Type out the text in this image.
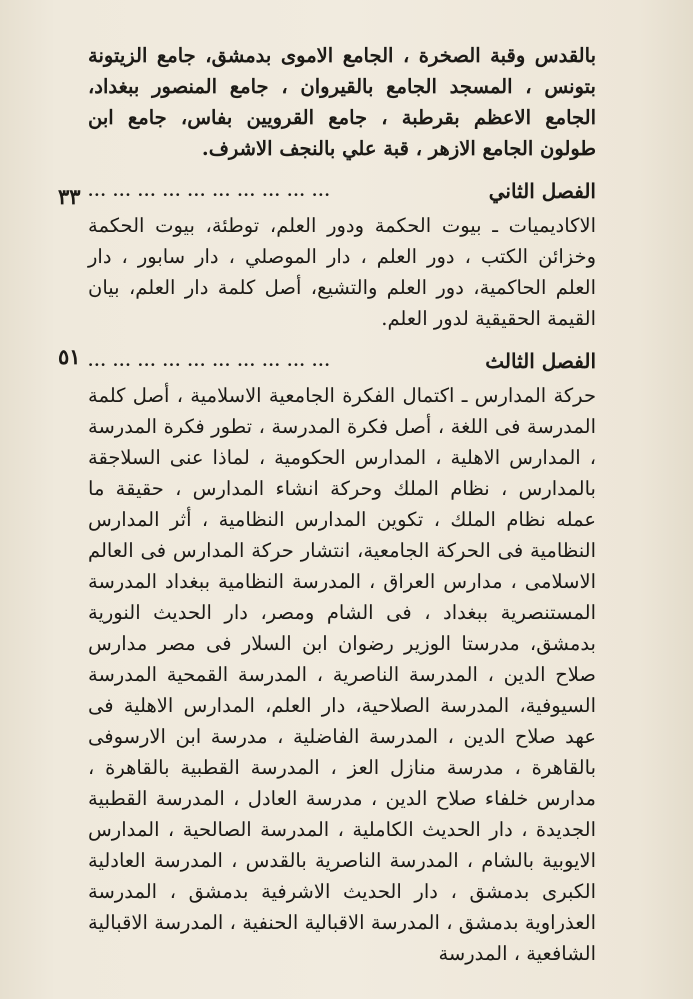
بالقدس وقبة الصخرة ، الجامع الاموى بدمشق، جامع الزيتونة بتونس ، المسجد الجامع بالقيروان ، جامع المنصور ببغداد، الجامع الاعظم بقرطبة ، جامع القرويين بفاس، جامع ابن طولون الجامع الازهر ، قبة علي بالنجف الاشرف.

الفصل الثاني
... ... ... ... ... ... ... ... ... ...

الاكاديميات ـ بيوت الحكمة ودور العلم، توطئة، بيوت الحكمة وخزائن الكتب ، دور العلم ، دار الموصلي ، دار سابور ، دار العلم الحاكمية، دور العلم والتشيع، أصل كلمة دار العلم، بيان القيمة الحقيقية لدور العلم.

الفصل الثالث
... ... ... ... ... ... ... ... ... ...

حركة المدارس ـ اكتمال الفكرة الجامعية الاسلامية ، أصل كلمة المدرسة فى اللغة ، أصل فكرة المدرسة ، تطور فكرة المدرسة ، المدارس الاهلية ، المدارس الحكومية ، لماذا عنى السلاجقة بالمدارس ، نظام الملك وحركة انشاء المدارس ، حقيقة ما عمله نظام الملك ، تكوين المدارس النظامية ، أثر المدارس النظامية فى الحركة الجامعية، انتشار حركة المدارس فى العالم الاسلامى ، مدارس العراق ، المدرسة النظامية ببغداد المدرسة المستنصرية ببغداد ، فى الشام ومصر، دار الحديث النورية بدمشق، مدرستا الوزير رضوان ابن السلار فى مصر مدارس صلاح الدين ، المدرسة الناصرية ، المدرسة القمحية المدرسة السيوفية، المدرسة الصلاحية، دار العلم، المدارس الاهلية فى عهد صلاح الدين ، المدرسة الفاضلية ، مدرسة ابن الارسوفى بالقاهرة ، مدرسة منازل العز ، المدرسة القطبية بالقاهرة ، مدارس خلفاء صلاح الدين ، مدرسة العادل ، المدرسة القطبية الجديدة ، دار الحديث الكاملية ، المدرسة الصالحية ، المدارس الايوبية بالشام ، المدرسة الناصرية بالقدس ، المدرسة العادلية الكبرى بدمشق ، دار الحديث الاشرفية بدمشق ، المدرسة العذراوية بدمشق ، المدرسة الاقبالية الحنفية ، المدرسة الاقبالية الشافعية ، المدرسة

٣٣
٥١
